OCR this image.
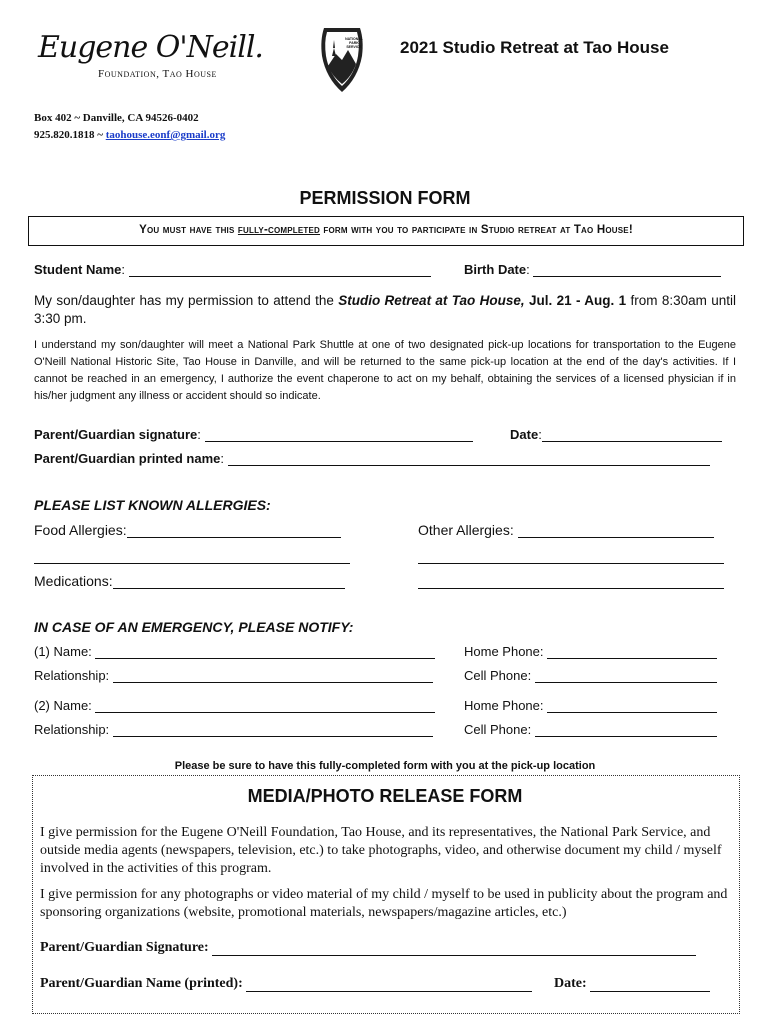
Eugene O'Neill.
Foundation, Tao House
NATIONAL PARK SERVICE 2021 Studio Retreat at Tao House
Box 402 ~ Danville, CA 94526-0402
925.820.1818 ~ taohouse.eonf@gmail.org
PERMISSION FORM
You must have this fully-completed form with you to participate in Studio retreat at Tao House!
Student Name:	Birth Date:
My son/daughter has my permission to attend the Studio Retreat at Tao House, Jul. 21 - Aug. 1 from 8:30am until 3:30 pm.
I understand my son/daughter will meet a National Park Shuttle at one of two designated pick-up locations for transportation to the Eugene O'Neill National Historic Site, Tao House in Danville, and will be returned to the same pick-up location at the end of the day's activities. If I cannot be reached in an emergency, I authorize the event chaperone to act on my behalf, obtaining the services of a licensed physician if in his/her judgment any illness or accident should so indicate.
Parent/Guardian signature:	Date:
Parent/Guardian printed name:
PLEASE LIST KNOWN ALLERGIES:
Food Allergies:	Other Allergies:
Medications:
IN CASE OF AN EMERGENCY, PLEASE NOTIFY:
(1) Name:	Home Phone:
Relationship:	Cell Phone:
(2) Name:	Home Phone:
Relationship:	Cell Phone:
Please be sure to have this fully-completed form with you at the pick-up location
MEDIA/PHOTO RELEASE FORM
I give permission for the Eugene O'Neill Foundation, Tao House, and its representatives, the National Park Service, and outside media agents (newspapers, television, etc.) to take photographs, video, and otherwise document my child / myself involved in the activities of this program.
I give permission for any photographs or video material of my child / myself to be used in publicity about the program and sponsoring organizations (website, promotional materials, newspapers/magazine articles, etc.)
Parent/Guardian Signature:
Parent/Guardian Name (printed):	Date:
